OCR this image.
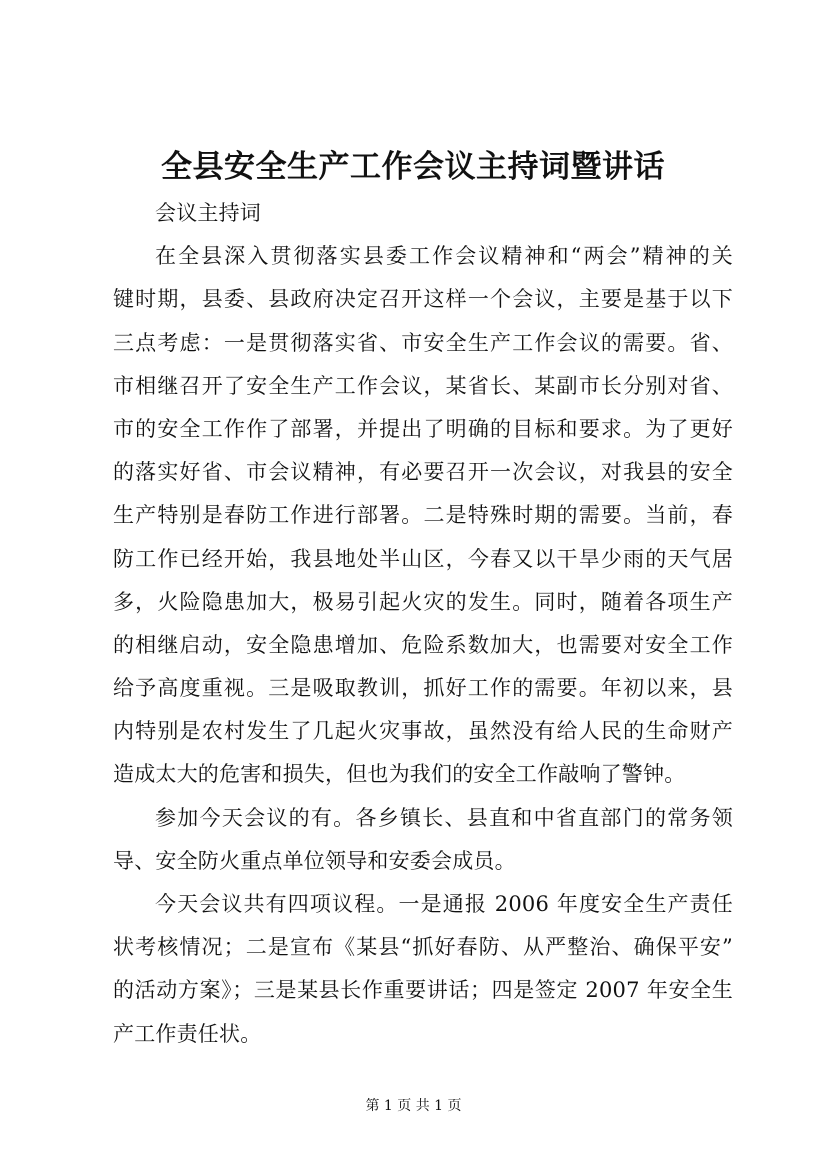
全县安全生产工作会议主持词暨讲话
会议主持词
在全县深入贯彻落实县委工作会议精神和“两会”精神的关
键时期，县委、县政府决定召开这样一个会议，主要是基于以下
三点考虑：一是贯彻落实省、市安全生产工作会议的需要。省、
市相继召开了安全生产工作会议，某省长、某副市长分别对省、
市的安全工作作了部署，并提出了明确的目标和要求。为了更好
的落实好省、市会议精神，有必要召开一次会议，对我县的安全
生产特别是春防工作进行部署。二是特殊时期的需要。当前，春
防工作已经开始，我县地处半山区，今春又以干旱少雨的天气居
多，火险隐患加大，极易引起火灾的发生。同时，随着各项生产
的相继启动，安全隐患增加、危险系数加大，也需要对安全工作
给予高度重视。三是吸取教训，抓好工作的需要。年初以来，县
内特别是农村发生了几起火灾事故，虽然没有给人民的生命财产
造成太大的危害和损失，但也为我们的安全工作敲响了警钟。
参加今天会议的有。各乡镇长、县直和中省直部门的常务领
导、安全防火重点单位领导和安委会成员。
今天会议共有四项议程。一是通报 2006 年度安全生产责任
状考核情况；二是宣布《某县“抓好春防、从严整治、确保平安”
的活动方案》；三是某县长作重要讲话；四是签定 2007 年安全生
产工作责任状。
第 1 页 共 1 页
